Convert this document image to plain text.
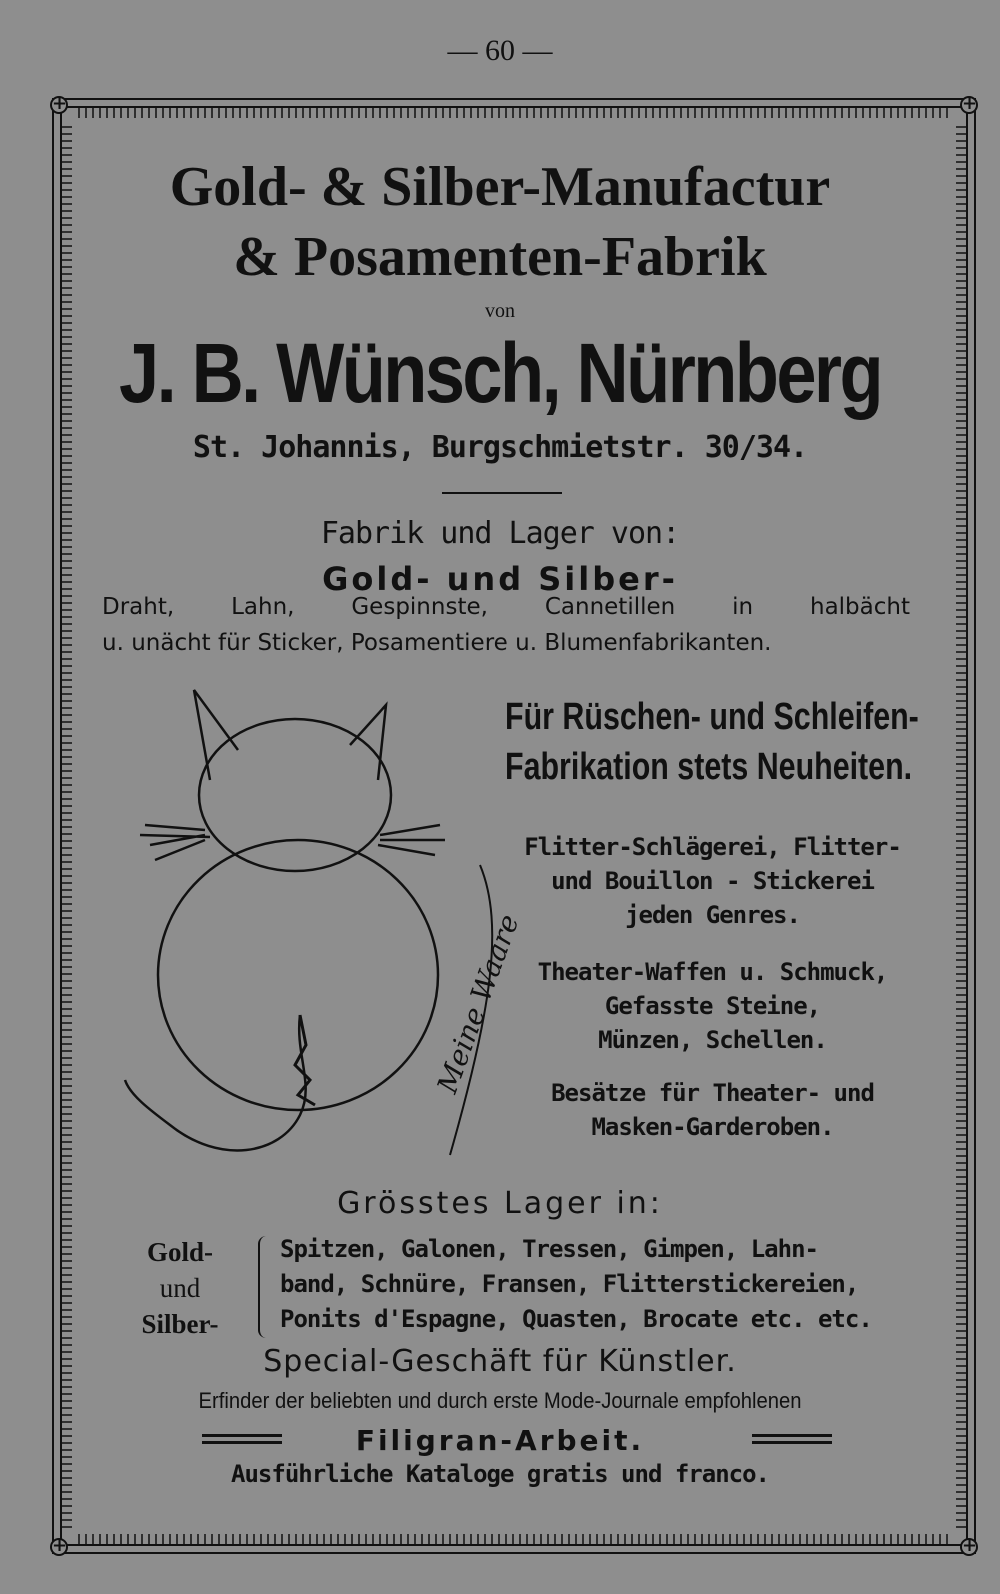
— 60 —
+
+
+
+
Gold- & Silber-Manufactur
& Posamenten-Fabrik
von
J. B. Wünsch, Nürnberg
St. Johannis, Burgschmietstr. 30/34.
Fabrik und Lager von:
Gold- und Silber-
Draht, Lahn, Gespinnste, Cannetillen in halbächt
u. unächt für Sticker, Posamentiere u. Blumenfabrikanten.
Meine Waare
Für Rüschen- und Schleifen-
Fabrikation stets Neuheiten.
Flitter-Schlägerei, Flitter-
und Bouillon - Stickerei
jeden Genres.
Theater-Waffen u. Schmuck,
Gefasste Steine,
Münzen, Schellen.
Besätze für Theater- und
Masken-Garderoben.
Grösstes Lager in:
Gold-
und
Silber-
Spitzen, Galonen, Tressen, Gimpen, Lahn-
band, Schnüre, Fransen, Flitterstickereien,
Ponits d'Espagne, Quasten, Brocate etc. etc.
Special-Geschäft für Künstler.
Erfinder der beliebten und durch erste Mode-Journale empfohlenen
Filigran-Arbeit.
Ausführliche Kataloge gratis und franco.
